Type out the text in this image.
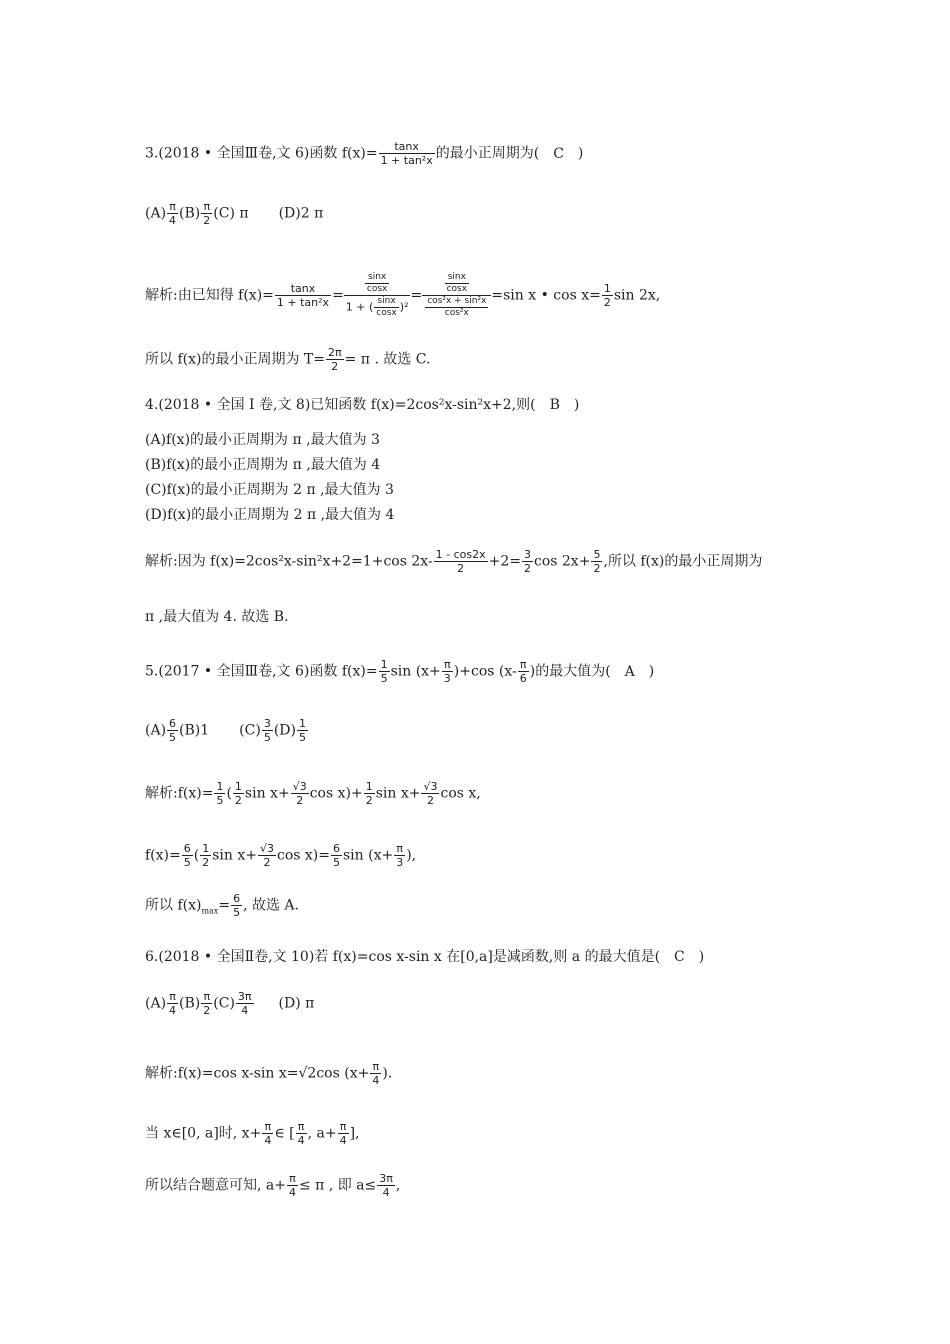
3.(2018 • 全国Ⅲ卷,文 6)函数 $f(x)= \frac{\tan x}{\text{1 + tan²x}}$ 的最小正周期为( C )
$(A) \frac{\pi}{4} (B) \frac{\pi}{2} (C)$ π (D)2 π
解析:由已知得 $f(x)= \frac{\tan x}{\text{1 + tan²x}}$ =
$\frac{\sin x}{\cos x}$
1 + ( $\frac{\sin x}{\cos x} )^2$
= $\frac{\frac{\sin x}{\cos x}}{\frac{\text{cos²x + sin²x}}{\text{cos²x}}} =\sin$ x • $\cos x= \frac{1}{2}$ sin 2x,
所以 f(x)的最小正周期为 $T= \frac{2\pi}{2} = \pi$ . 故选 C.
4.(2018 • 全国 Ⅰ 卷,文 8)已知函数 f(x)=2cos²x-sin²x+2,则( B )
(A)f(x)的最小正周期为 π ,最大值为 3
(B)f(x)的最小正周期为 π ,最大值为 4
(C)f(x)的最小正周期为 2 π ,最大值为 3
(D)f(x)的最小正周期为 2 π ,最大值为 4
解析:因为 f(x)=2cos²x-sin²x+2=1+cos $2x- \frac{1 - \cos 2x}{2} +2= \frac{3}{2}$ $\cos 2x+ \frac{5}{2}$ ,所以 f(x)的最小正周期为
π ,最大值为 4. 故选 B.
5.(2017 • 全国Ⅲ卷,文 6)函数 $f(x)= \frac{1}{5}$ $\sin (x+ \frac{\pi}{3} )+\cos$ ($x- \frac{\pi}{6}$ )的最大值为( A )
$(A) \frac{6}{5} (B)1$ $(C) \frac{3}{5} (D) \frac{1}{5}$
解析:f(x)= $\frac{1}{5}$ ( $\frac{1}{2}$ $\sin x+ \frac{√3}{2}$ $\cos x)+ \frac{1}{2}$ $\sin x+ \frac{√3}{2}$ cos x,
$f(x)= \frac{6}{5}$ ( $\frac{1}{2}$ $\sin x+ \frac{√3}{2}$ $\cos x)= \frac{6}{5}$ $\sin (x+ \frac{\pi}{3}$ ),
所以 $f(x)_{max}= \frac{6}{5}$ , 故选 A.
6.(2018 • 全国Ⅱ卷,文 10)若 f(x)=cos x-sin x 在[0,a]是减函数,则 a 的最大值是( C )
$(A) \frac{\pi}{4} (B) \frac{\pi}{2} (C) \frac{3\pi}{4} (D)$ π
解析:f(x)=cos x-sin x=√2cos ($x+ \frac{\pi}{4}$ ).
当 x∈[0, a]时, $x+ \frac{\pi}{4}$ ∈ [ $\frac{\pi}{4}$ , $a+ \frac{\pi}{4}$ ],
所以结合题意可知, $a+ \frac{\pi}{4} \le \pi$ , 即 $a\le \frac{3\pi}{4}$ ,
